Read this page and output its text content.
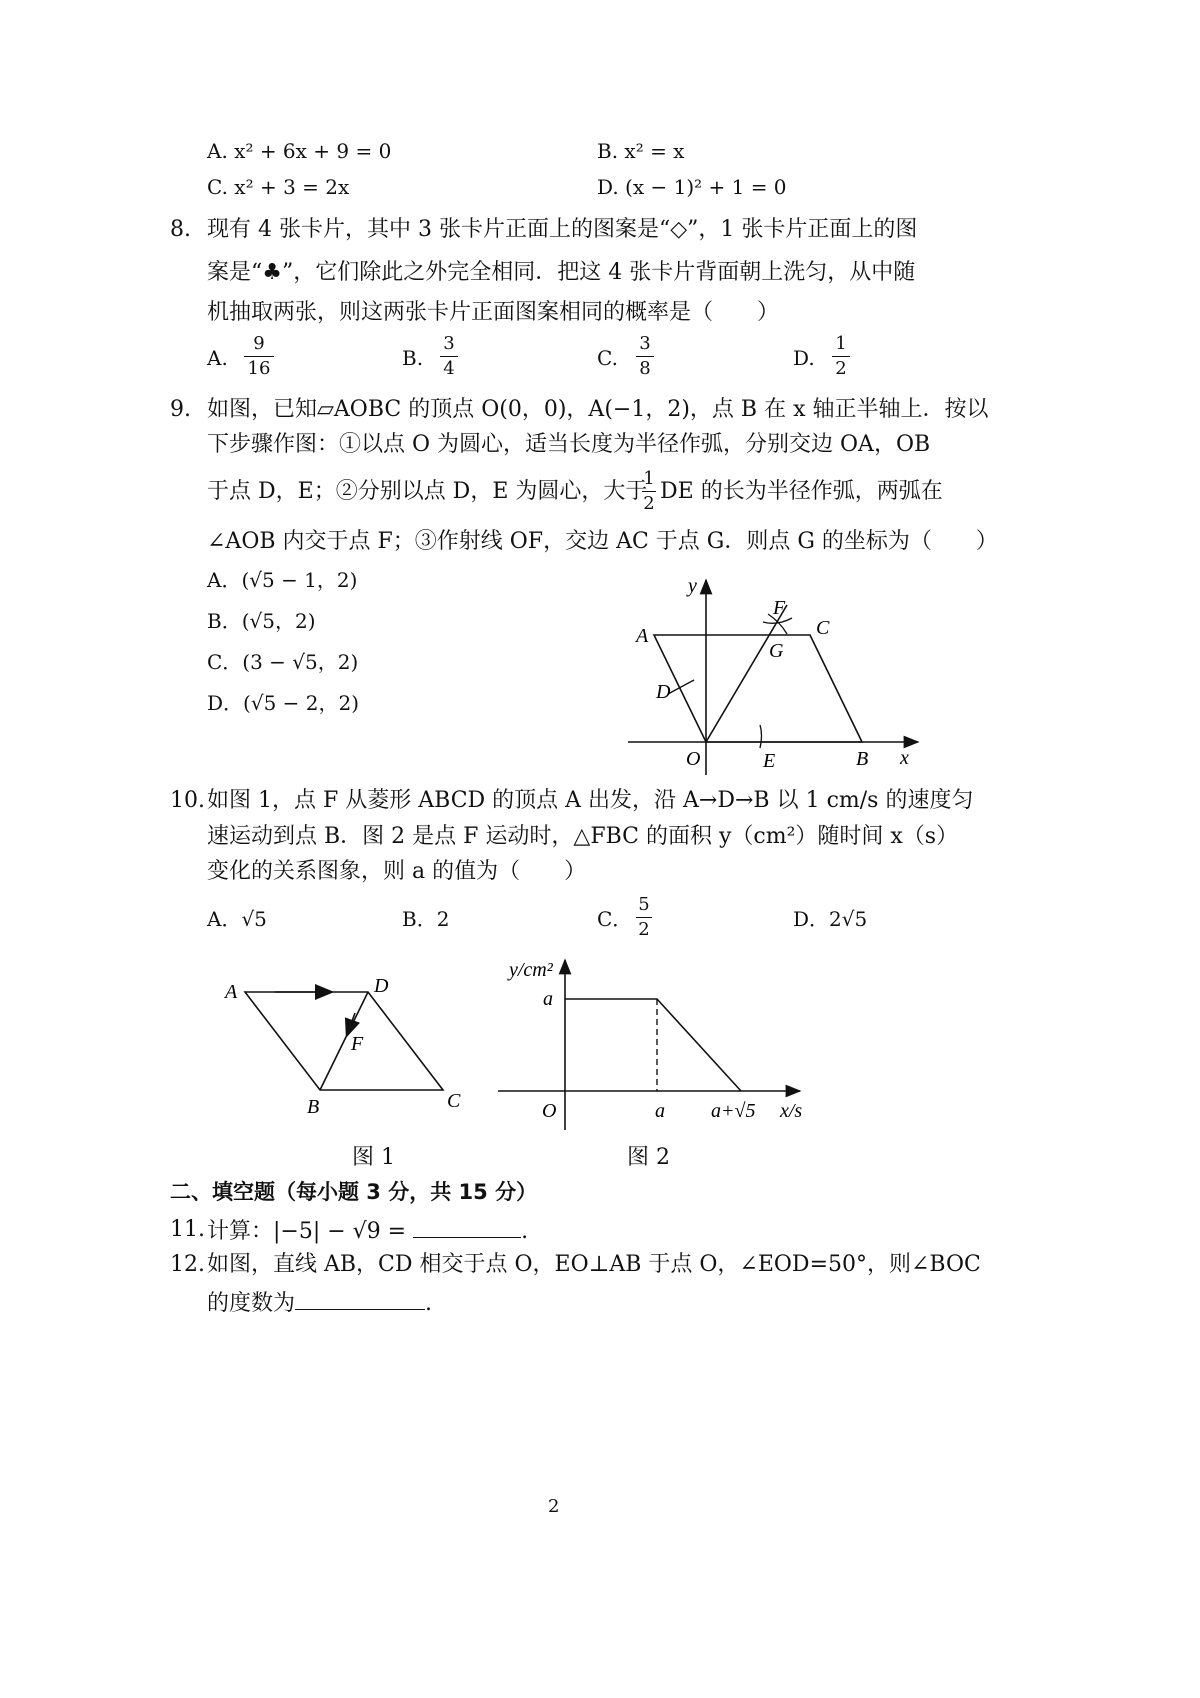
A. x² + 6x + 9 = 0	B. x² = x
C. x² + 3 = 2x	D. (x − 1)² + 1 = 0
8. 现有 4 张卡片，其中 3 张卡片正面上的图案是“◇”，1 张卡片正面上的图
案是“♣”，它们除此之外完全相同．把这 4 张卡片背面朝上洗匀，从中随
机抽取两张，则这两张卡片正面图案相同的概率是（　　）
A.
9
16	B.
3
4	C.
3
8	D.
1
2
9. 如图，已知▱AOBC 的顶点 O(0，0)，A(−1，2)，点 B 在 x 轴正半轴上．按以
下步骤作图：①以点 O 为圆心，适当长度为半径作弧，分别交边 OA，OB
于点 D，E；②分别以点 D，E 为圆心，大于
1
2 DE 的长为半径作弧，两弧在
∠AOB 内交于点 F；③作射线 OF，交边 AC 于点 G．则点 G 的坐标为（　　）
A．(√5 − 1，2)
B．(√5，2)
C．(3 − √5，2)
D．(√5 − 2，2)
y
x
A	C
F
G
D
O	E	B
10. 如图 1，点 F 从菱形 ABCD 的顶点 A 出发，沿 A→D→B 以 1 cm/s 的速度匀
速运动到点 B．图 2 是点 F 运动时，△FBC 的面积 y（cm²）随时间 x（s）
变化的关系图象，则 a 的值为（　　）
A．√5	B．2	C．
5
2	D．2√5
A	D
F
B	C
y/cm²
a
O	a a+√5 x/s
图 1	图 2
二、填空题（每小题 3 分，共 15 分）
11. 计算：|−5| − √9 =	.
12. 如图，直线 AB，CD 相交于点 O，EO⊥AB 于点 O，∠EOD=50°，则∠BOC
的度数为	.
2
